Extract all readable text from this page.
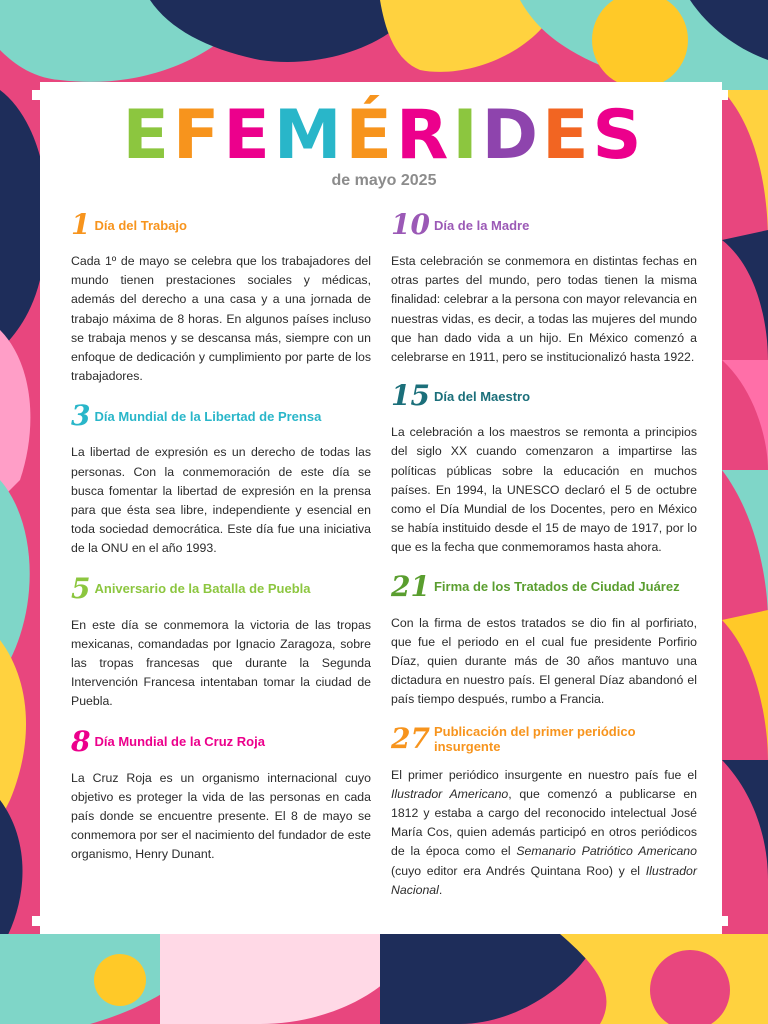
EFEMÉRIDES
de mayo 2025
1 Día del Trabajo

Cada 1º de mayo se celebra que los trabajadores del mundo tienen prestaciones sociales y médicas, además del derecho a una casa y a una jornada de trabajo máxima de 8 horas. En algunos países incluso se trabaja menos y se descansa más, siempre con un enfoque de dedicación y cumplimiento por parte de los trabajadores.

3 Día Mundial de la Libertad de Prensa

La libertad de expresión es un derecho de todas las personas. Con la conmemoración de este día se busca fomentar la libertad de expresión en la prensa para que ésta sea libre, independiente y esencial en toda sociedad democrática. Este día fue una iniciativa de la ONU en el año 1993.

5 Aniversario de la Batalla de Puebla

En este día se conmemora la victoria de las tropas mexicanas, comandadas por Ignacio Zaragoza, sobre las tropas francesas que durante la Segunda Intervención Francesa intentaban tomar la ciudad de Puebla.

8 Día Mundial de la Cruz Roja

La Cruz Roja es un organismo internacional cuyo objetivo es proteger la vida de las personas en cada país donde se encuentre presente. El 8 de mayo se conmemora por ser el nacimiento del fundador de este organismo, Henry Dunant.

10 Día de la Madre

Esta celebración se conmemora en distintas fechas en otras partes del mundo, pero todas tienen la misma finalidad: celebrar a la persona con mayor relevancia en nuestras vidas, es decir, a todas las mujeres del mundo que han dado vida a un hijo. En México comenzó a celebrarse en 1911, pero se institucionalizó hasta 1922.

15 Día del Maestro

La celebración a los maestros se remonta a principios del siglo XX cuando comenzaron a impartirse las políticas públicas sobre la educación en muchos países. En 1994, la UNESCO declaró el 5 de octubre como el Día Mundial de los Docentes, pero en México se había instituido desde el 15 de mayo de 1917, por lo que es la fecha que conmemoramos hasta ahora.

21 Firma de los Tratados de Ciudad Juárez

Con la firma de estos tratados se dio fin al porfiriato, que fue el periodo en el cual fue presidente Porfirio Díaz, quien durante más de 30 años mantuvo una dictadura en nuestro país. El general Díaz abandonó el país tiempo después, rumbo a Francia.

27 Publicación del primer periódico insurgente

El primer periódico insurgente en nuestro país fue el Ilustrador Americano, que comenzó a publicarse en 1812 y estaba a cargo del reconocido intelectual José María Cos, quien además participó en otros periódicos de la época como el Semanario Patriótico Americano (cuyo editor era Andrés Quintana Roo) y el Ilustrador Nacional.
